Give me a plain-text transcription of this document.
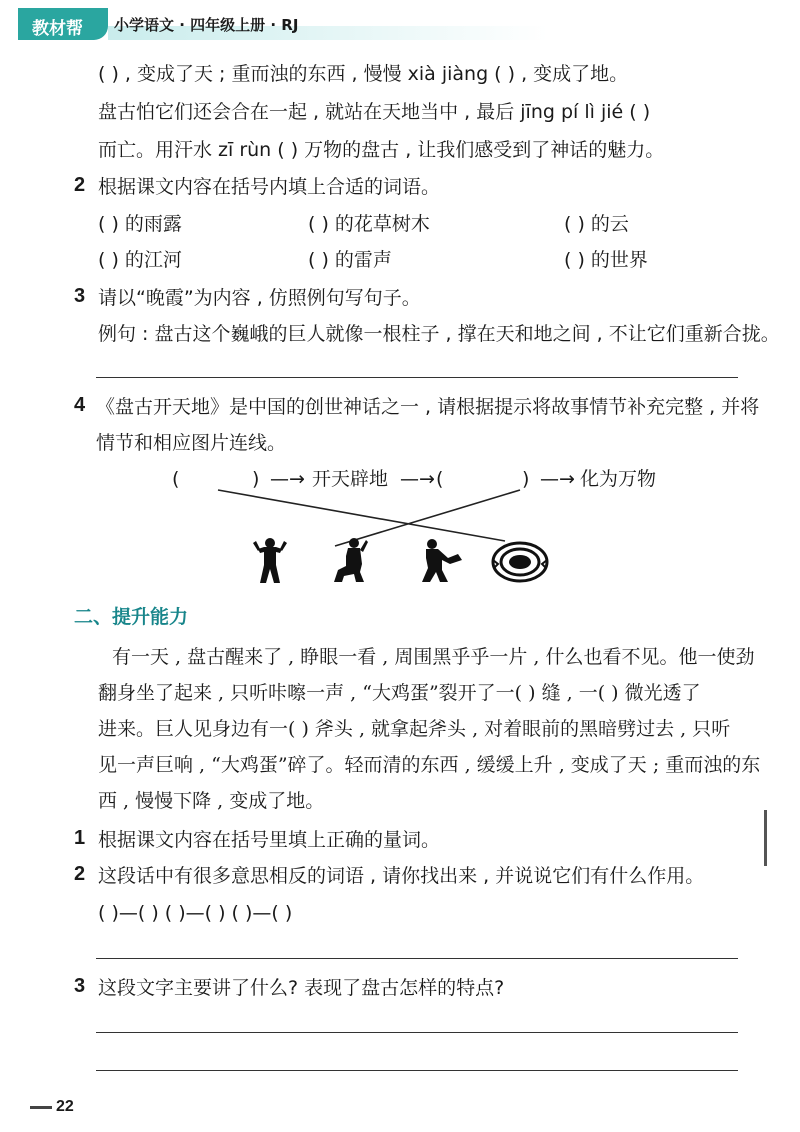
教材帮 小学语文 · 四年级上册 · RJ
( ) , 变成了天 ; 重而浊的东西 , 慢慢 xià jiàng ( ) , 变成了地。
盘古怕它们还会合在一起 , 就站在天地当中 , 最后 jīng pí lì jié ( )
而亡。用汗水 zī rùn ( ) 万物的盘古 , 让我们感受到了神话的魅力。
2 根据课文内容在括号内填上合适的词语。
( ) 的雨露	( ) 的花草树木	( ) 的云
( ) 的江河	( ) 的雷声	( ) 的世界
3 请以“晚霞”为内容 , 仿照例句写句子。
例句 : 盘古这个巍峨的巨人就像一根柱子 , 撑在天和地之间 , 不让它们重新合拢。
4 《盘古开天地》是中国的创世神话之一 , 请根据提示将故事情节补充完整 , 并将
情节和相应图片连线。
(	) —→ 开天辟地 —→ (	) —→ 化为万物
二、提升能力
有一天 , 盘古醒来了 , 睁眼一看 , 周围黑乎乎一片 , 什么也看不见。他一使劲
翻身坐了起来 , 只听咔嚓一声 , “大鸡蛋”裂开了一( ) 缝 , 一( ) 微光透了
进来。巨人见身边有一( ) 斧头 , 就拿起斧头 , 对着眼前的黑暗劈过去 , 只听
见一声巨响 , “大鸡蛋”碎了。轻而清的东西 , 缓缓上升 , 变成了天 ; 重而浊的东
西 , 慢慢下降 , 变成了地。
1 根据课文内容在括号里填上正确的量词。
2 这段话中有很多意思相反的词语 , 请你找出来 , 并说说它们有什么作用。
( )—( ) ( )—( ) ( )—( )
3 这段文字主要讲了什么? 表现了盘古怎样的特点?
22
